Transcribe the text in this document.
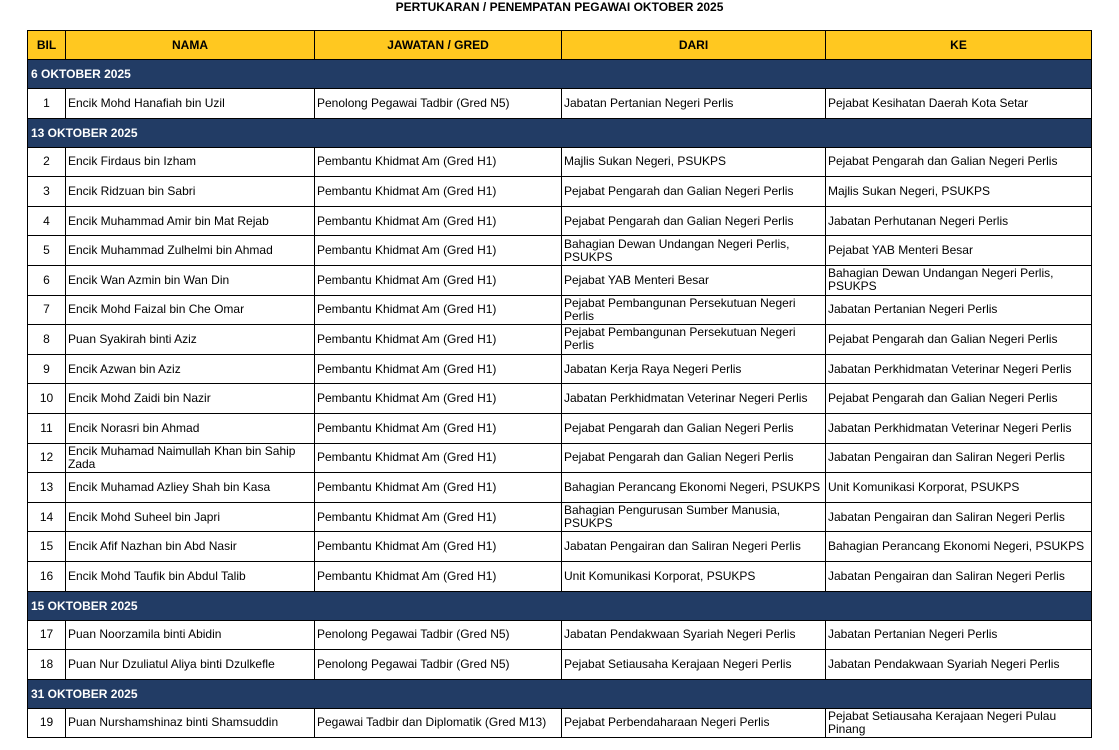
PERTUKARAN / PENEMPATAN PEGAWAI OKTOBER 2025
BIL	NAMA	JAWATAN / GRED	DARI	KE
6 OKTOBER 2025				
1	Encik Mohd Hanafiah bin Uzil	Penolong Pegawai Tadbir (Gred N5)	Jabatan Pertanian Negeri Perlis	Pejabat Kesihatan Daerah Kota Setar
13 OKTOBER 2025				
2	Encik Firdaus bin Izham	Pembantu Khidmat Am (Gred H1)	Majlis Sukan Negeri, PSUKPS	Pejabat Pengarah dan Galian Negeri Perlis
3	Encik Ridzuan bin Sabri	Pembantu Khidmat Am (Gred H1)	Pejabat Pengarah dan Galian Negeri Perlis	Majlis Sukan Negeri, PSUKPS
4	Encik Muhammad Amir bin Mat Rejab	Pembantu Khidmat Am (Gred H1)	Pejabat Pengarah dan Galian Negeri Perlis	Jabatan Perhutanan Negeri Perlis
5	Encik Muhammad Zulhelmi bin Ahmad	Pembantu Khidmat Am (Gred H1)	Bahagian Dewan Undangan Negeri Perlis, PSUKPS	Pejabat YAB Menteri Besar
6	Encik Wan Azmin bin Wan Din	Pembantu Khidmat Am (Gred H1)	Pejabat YAB Menteri Besar	Bahagian Dewan Undangan Negeri Perlis, PSUKPS
7	Encik Mohd Faizal bin Che Omar	Pembantu Khidmat Am (Gred H1)	Pejabat Pembangunan Persekutuan Negeri Perlis	Jabatan Pertanian Negeri Perlis
8	Puan Syakirah binti Aziz	Pembantu Khidmat Am (Gred H1)	Pejabat Pembangunan Persekutuan Negeri Perlis	Pejabat Pengarah dan Galian Negeri Perlis
9	Encik Azwan bin Aziz	Pembantu Khidmat Am (Gred H1)	Jabatan Kerja Raya Negeri Perlis	Jabatan Perkhidmatan Veterinar Negeri Perlis
10	Encik Mohd Zaidi bin Nazir	Pembantu Khidmat Am (Gred H1)	Jabatan Perkhidmatan Veterinar Negeri Perlis	Pejabat Pengarah dan Galian Negeri Perlis
11	Encik Norasri bin Ahmad	Pembantu Khidmat Am (Gred H1)	Pejabat Pengarah dan Galian Negeri Perlis	Jabatan Perkhidmatan Veterinar Negeri Perlis
12	Encik Muhamad Naimullah Khan bin Sahip Zada	Pembantu Khidmat Am (Gred H1)	Pejabat Pengarah dan Galian Negeri Perlis	Jabatan Pengairan dan Saliran Negeri Perlis
13	Encik Muhamad Azliey Shah bin Kasa	Pembantu Khidmat Am (Gred H1)	Bahagian Perancang Ekonomi Negeri, PSUKPS	Unit Komunikasi Korporat, PSUKPS
14	Encik Mohd Suheel bin Japri	Pembantu Khidmat Am (Gred H1)	Bahagian Pengurusan Sumber Manusia, PSUKPS	Jabatan Pengairan dan Saliran Negeri Perlis
15	Encik Afif Nazhan bin Abd Nasir	Pembantu Khidmat Am (Gred H1)	Jabatan Pengairan dan Saliran Negeri Perlis	Bahagian Perancang Ekonomi Negeri, PSUKPS
16	Encik Mohd Taufik bin Abdul Talib	Pembantu Khidmat Am (Gred H1)	Unit Komunikasi Korporat, PSUKPS	Jabatan Pengairan dan Saliran Negeri Perlis
15 OKTOBER 2025				
17	Puan Noorzamila binti Abidin	Penolong Pegawai Tadbir (Gred N5)	Jabatan Pendakwaan Syariah Negeri Perlis	Jabatan Pertanian Negeri Perlis
18	Puan Nur Dzuliatul Aliya binti Dzulkefle	Penolong Pegawai Tadbir (Gred N5)	Pejabat Setiausaha Kerajaan Negeri Perlis	Jabatan Pendakwaan Syariah Negeri Perlis
31 OKTOBER 2025				
19	Puan Nurshamshinaz binti Shamsuddin	Pegawai Tadbir dan Diplomatik (Gred M13)	Pejabat Perbendaharaan Negeri Perlis	Pejabat Setiausaha Kerajaan Negeri Pulau Pinang
